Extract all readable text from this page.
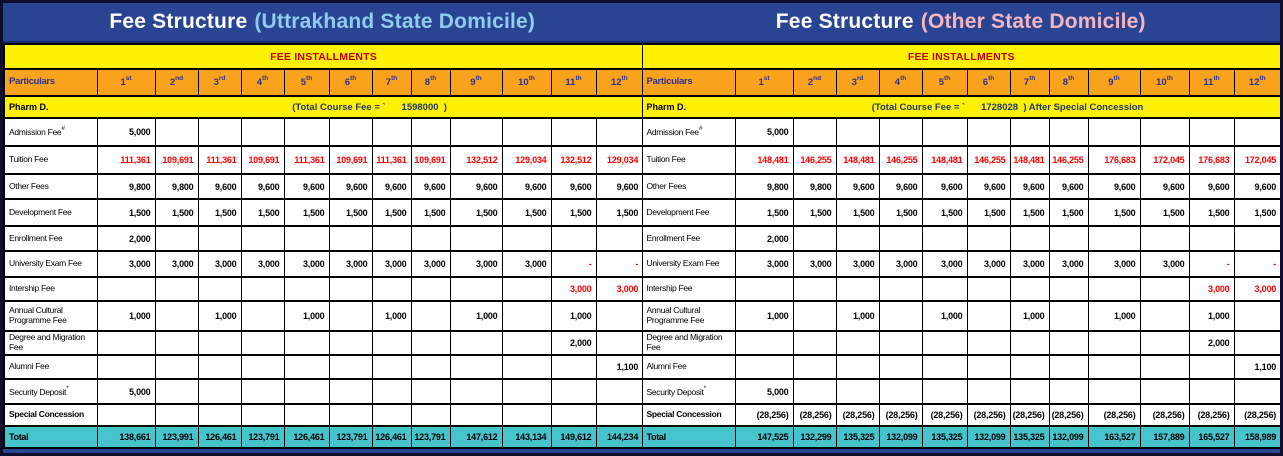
Fee Structure (Uttrakhand State Domicile)	Fee Structure (Other State Domicile)
FEE INSTALLMENTS												
Particulars	1st	2nd	3rd	4th	5th	6th	7th	8th	9th	10th	11th	12th
Pharm D.	(Total Course Fee = `      1598000  )											
Admission Fee#	5,000											
Tuition Fee	111,361	109,691	111,361	109,691	111,361	109,691	111,361	109,691	132,512	129,034	132,512	129,034
Other Fees	9,800	9,800	9,600	9,600	9,600	9,600	9,600	9,600	9,600	9,600	9,600	9,600
Development Fee	1,500	1,500	1,500	1,500	1,500	1,500	1,500	1,500	1,500	1,500	1,500	1,500
Enrollment Fee	2,000											
University Exam Fee	3,000	3,000	3,000	3,000	3,000	3,000	3,000	3,000	3,000	3,000	-	-
Intership Fee											3,000	3,000
Annual Cultural Programme Fee	1,000		1,000		1,000		1,000		1,000		1,000	
Degree and Migration Fee											2,000	
Alumni Fee												1,100
Security Deposit*	5,000											
Special Concession												
Total	138,661	123,991	126,461	123,791	126,461	123,791	126,461	123,791	147,612	143,134	149,612	144,234
FEE INSTALLMENTS												
Particulars	1st	2nd	3rd	4th	5th	6th	7th	8th	9th	10th	11th	12th
Pharm D.	(Total Course Fee = `      1728028  ) After Special Concession											
Admission Fee#	5,000											
Tuition Fee	148,481	146,255	148,481	146,255	148,481	146,255	148,481	146,255	176,683	172,045	176,683	172,045
Other Fees	9,800	9,800	9,600	9,600	9,600	9,600	9,600	9,600	9,600	9,600	9,600	9,600
Development Fee	1,500	1,500	1,500	1,500	1,500	1,500	1,500	1,500	1,500	1,500	1,500	1,500
Enrollment Fee	2,000											
University Exam Fee	3,000	3,000	3,000	3,000	3,000	3,000	3,000	3,000	3,000	3,000	-	-
Intership Fee											3,000	3,000
Annual Cultural Programme Fee	1,000		1,000		1,000		1,000		1,000		1,000	
Degree and Migration Fee											2,000	
Alumni Fee												1,100
Security Deposit*	5,000											
Special Concession	(28,256)	(28,256)	(28,256)	(28,256)	(28,256)	(28,256)	(28,256)	(28,256)	(28,256)	(28,256)	(28,256)	(28,256)
Total	147,525	132,299	135,325	132,099	135,325	132,099	135,325	132,099	163,527	157,889	165,527	158,989
